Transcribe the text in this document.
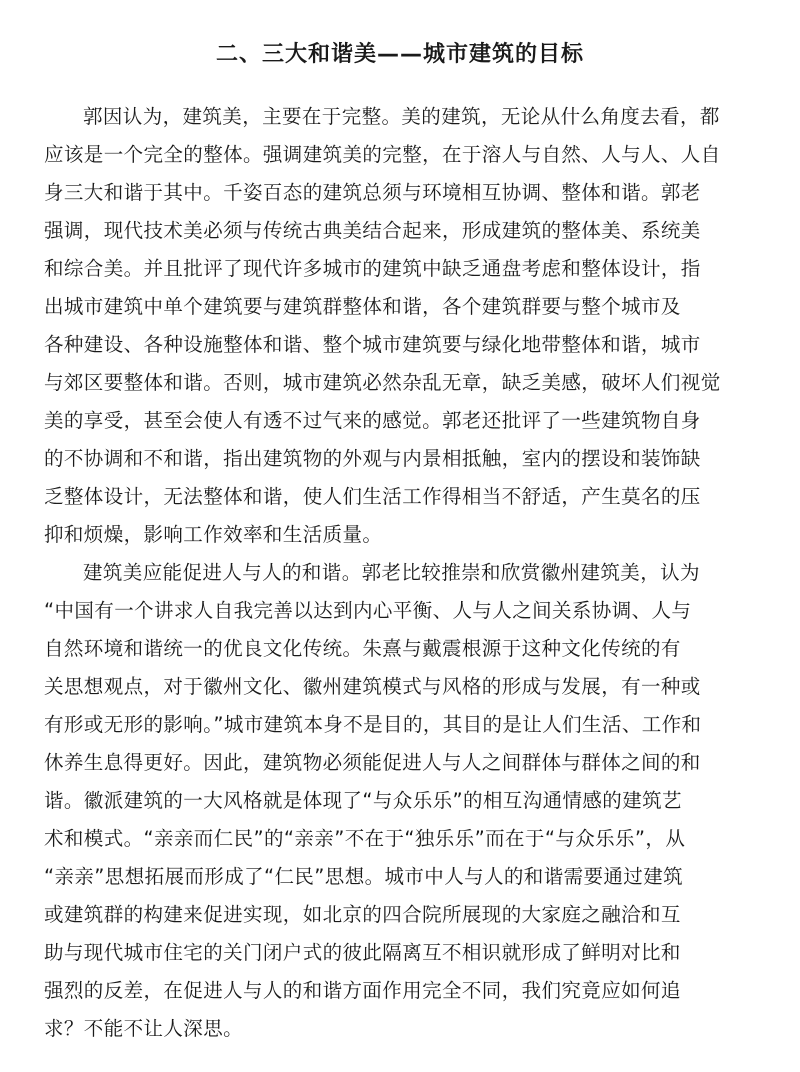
二、三大和谐美——城市建筑的目标
郭因认为，建筑美，主要在于完整。美的建筑，无论从什么角度去看，都
应该是一个完全的整体。强调建筑美的完整，在于溶人与自然、人与人、人自
身三大和谐于其中。千姿百态的建筑总须与环境相互协调、整体和谐。郭老
强调，现代技术美必须与传统古典美结合起来，形成建筑的整体美、系统美
和综合美。并且批评了现代许多城市的建筑中缺乏通盘考虑和整体设计，指
出城市建筑中单个建筑要与建筑群整体和谐，各个建筑群要与整个城市及
各种建设、各种设施整体和谐、整个城市建筑要与绿化地带整体和谐，城市
与郊区要整体和谐。否则，城市建筑必然杂乱无章，缺乏美感，破坏人们视觉
美的享受，甚至会使人有透不过气来的感觉。郭老还批评了一些建筑物自身
的不协调和不和谐，指出建筑物的外观与内景相抵触，室内的摆设和装饰缺
乏整体设计，无法整体和谐，使人们生活工作得相当不舒适，产生莫名的压
抑和烦燥，影响工作效率和生活质量。
建筑美应能促进人与人的和谐。郭老比较推崇和欣赏徽州建筑美，认为
“中国有一个讲求人自我完善以达到内心平衡、人与人之间关系协调、人与
自然环境和谐统一的优良文化传统。朱熹与戴震根源于这种文化传统的有
关思想观点，对于徽州文化、徽州建筑模式与风格的形成与发展，有一种或
有形或无形的影响。”城市建筑本身不是目的，其目的是让人们生活、工作和
休养生息得更好。因此，建筑物必须能促进人与人之间群体与群体之间的和
谐。徽派建筑的一大风格就是体现了“与众乐乐”的相互沟通情感的建筑艺
术和模式。“亲亲而仁民”的“亲亲”不在于“独乐乐”而在于“与众乐乐”，从
“亲亲”思想拓展而形成了“仁民”思想。城市中人与人的和谐需要通过建筑
或建筑群的构建来促进实现，如北京的四合院所展现的大家庭之融洽和互
助与现代城市住宅的关门闭户式的彼此隔离互不相识就形成了鲜明对比和
强烈的反差，在促进人与人的和谐方面作用完全不同，我们究竟应如何追
求？不能不让人深思。
